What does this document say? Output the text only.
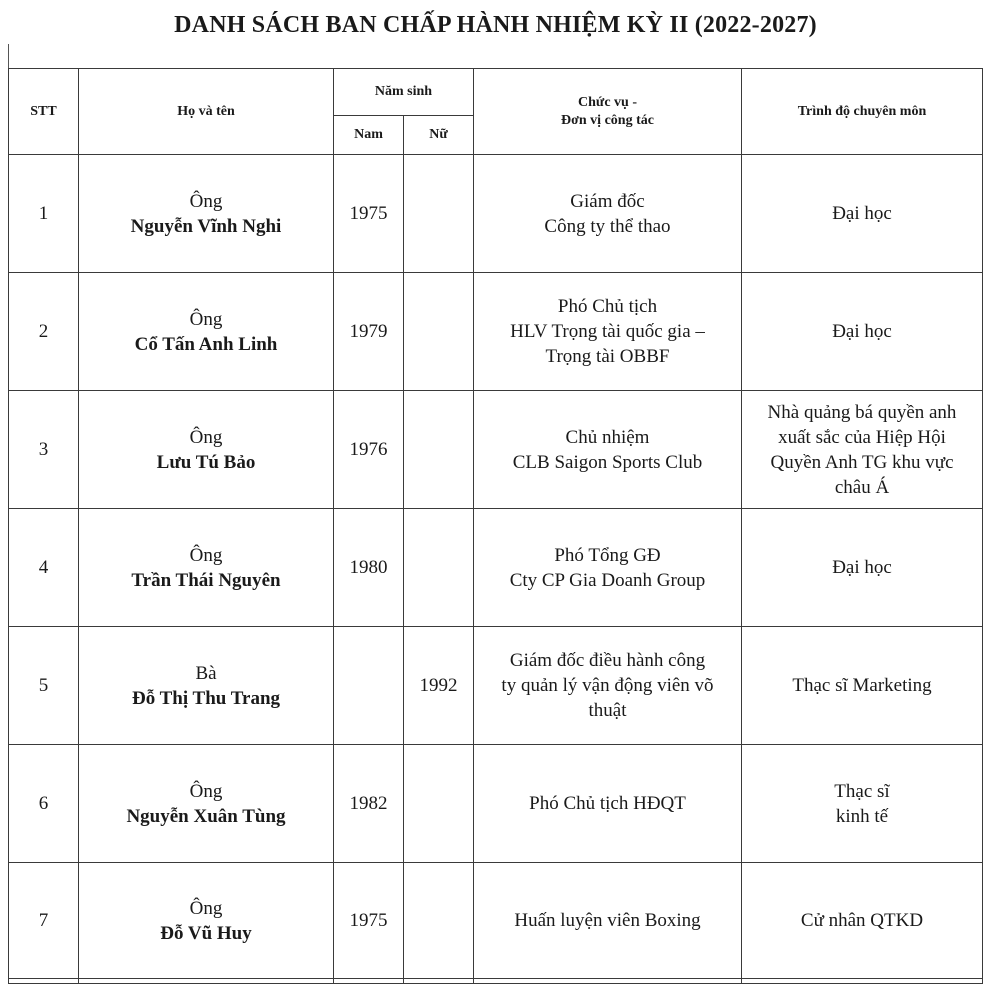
DANH SÁCH BAN CHẤP HÀNH NHIỆM KỲ II (2022-2027)
STT	Họ và tên	Năm sinh		Chức vụ -
Đơn vị công tác	Trình độ chuyên môn
		Nam	Nữ		
1	Ông
Nguyễn Vĩnh Nghi	1975		Giám đốc
Công ty thể thao	Đại học

2	Ông
Cổ Tấn Anh Linh	1979		Phó Chủ tịch
HLV Trọng tài quốc gia –
Trọng tài OBBF	Đại học

3	Ông
Lưu Tú Bảo	1976		Chủ nhiệm
CLB Saigon Sports Club	Nhà quảng bá quyền anh
xuất sắc của Hiệp Hội
Quyền Anh TG khu vực
châu Á

4	Ông
Trần Thái Nguyên	1980		Phó Tổng GĐ
Cty CP Gia Doanh Group	Đại học

5	Bà
Đỗ Thị Thu Trang		1992	Giám đốc điều hành công
ty quản lý vận động viên võ
thuật	Thạc sĩ Marketing

6	Ông
Nguyễn Xuân Tùng	1982		Phó Chủ tịch HĐQT	Thạc sĩ
kinh tế

7	Ông
Đỗ Vũ Huy	1975		Huấn luyện viên Boxing	Cử nhân QTKD
